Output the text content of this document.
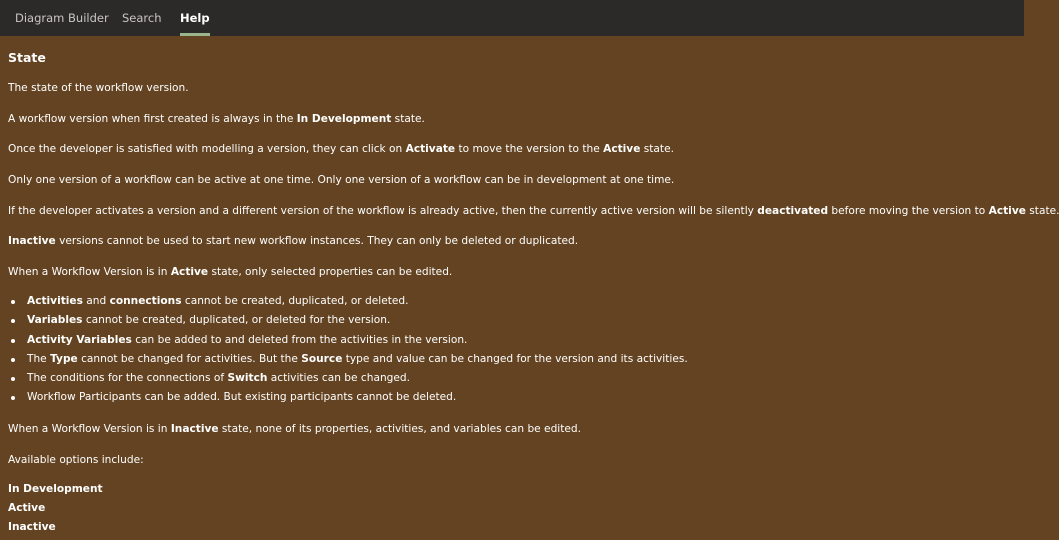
Diagram Builder Search Help
State

The state of the workflow version.

A workflow version when first created is always in the In Development state.

Once the developer is satisfied with modelling a version, they can click on Activate to move the version to the Active state.

Only one version of a workflow can be active at one time. Only one version of a workflow can be in development at one time.

If the developer activates a version and a different version of the workflow is already active, then the currently active version will be silently deactivated before moving the version to Active state.

Inactive versions cannot be used to start new workflow instances. They can only be deleted or duplicated.

When a Workflow Version is in Active state, only selected properties can be edited.

Activities and connections cannot be created, duplicated, or deleted.
Variables cannot be created, duplicated, or deleted for the version.
Activity Variables can be added to and deleted from the activities in the version.
The Type cannot be changed for activities. But the Source type and value can be changed for the version and its activities.
The conditions for the connections of Switch activities can be changed.
Workflow Participants can be added. But existing participants cannot be deleted.

When a Workflow Version is in Inactive state, none of its properties, activities, and variables can be edited.

Available options include:

In Development

Active

Inactive
